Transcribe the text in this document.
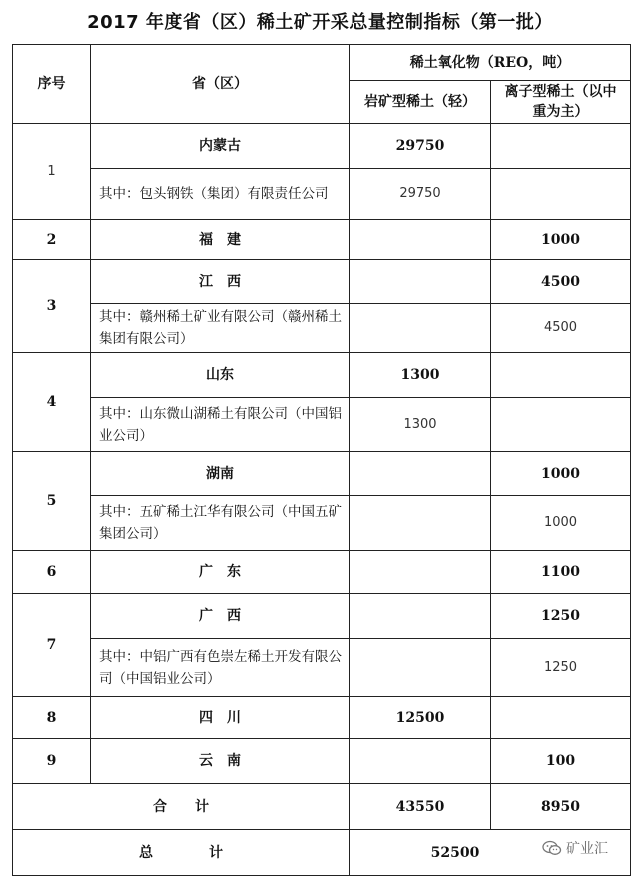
2017 年度省（区）稀土矿开采总量控制指标（第一批）
序号	省（区）	稀土氧化物（REO，吨）	
		岩矿型稀土（轻）	离子型稀土（以中重为主）
1	内蒙古	29750	
	其中：包头钢铁（集团）有限责任公司	29750	
2	福　建		1000
3	江　西		4500
	其中：赣州稀土矿业有限公司（赣州稀土集团有限公司）		4500
4	山东	1300	
	其中：山东微山湖稀土有限公司（中国铝业公司）	1300	
5	湖南		1000
	其中：五矿稀土江华有限公司（中国五矿集团公司）		1000
6	广　东		1100
7	广　西		1250
	其中：中铝广西有色崇左稀土开发有限公司（中国铝业公司）		1250
8	四　川	12500	
9	云　南		100
合　　计		43550	8950
总　　　　计		52500		矿业汇
